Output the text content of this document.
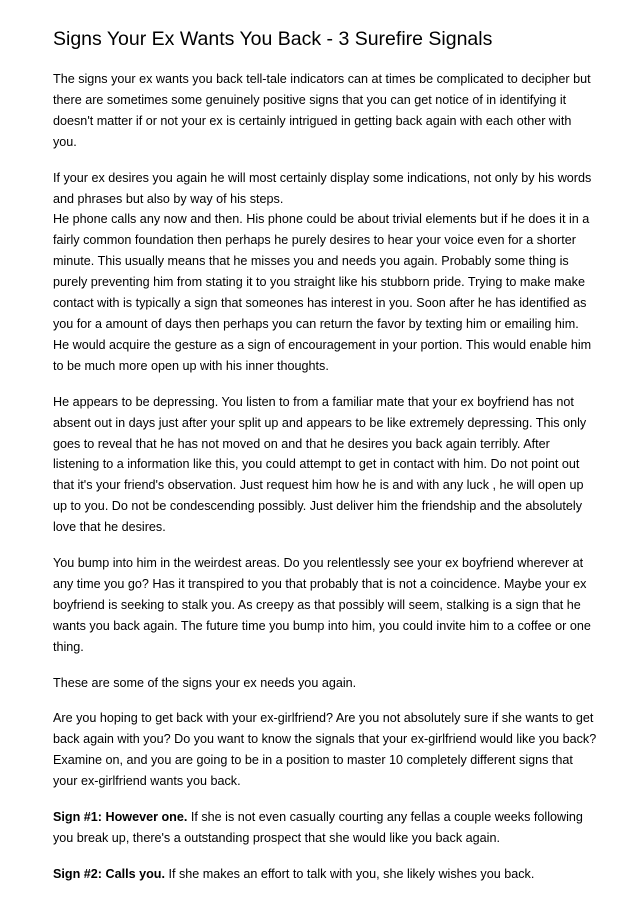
Signs Your Ex Wants You Back - 3 Surefire Signals

The signs your ex wants you back tell-tale indicators can at times be complicated to decipher but there are sometimes some genuinely positive signs that you can get notice of in identifying it doesn't matter if or not your ex is certainly intrigued in getting back again with each other with you.

If your ex desires you again he will most certainly display some indications, not only by his words and phrases but also by way of his steps.

He phone calls any now and then. His phone could be about trivial elements but if he does it in a fairly common foundation then perhaps he purely desires to hear your voice even for a shorter minute. This usually means that he misses you and needs you again. Probably some thing is purely preventing him from stating it to you straight like his stubborn pride. Trying to make make contact with is typically a sign that someones has interest in you. Soon after he has identified as you for a amount of days then perhaps you can return the favor by texting him or emailing him. He would acquire the gesture as a sign of encouragement in your portion. This would enable him to be much more open up with his inner thoughts.

He appears to be depressing. You listen to from a familiar mate that your ex boyfriend has not absent out in days just after your split up and appears to be like extremely depressing. This only goes to reveal that he has not moved on and that he desires you back again terribly. After listening to a information like this, you could attempt to get in contact with him. Do not point out that it's your friend's observation. Just request him how he is and with any luck , he will open up up to you. Do not be condescending possibly. Just deliver him the friendship and the absolutely love that he desires.

You bump into him in the weirdest areas. Do you relentlessly see your ex boyfriend wherever at any time you go? Has it transpired to you that probably that is not a coincidence. Maybe your ex boyfriend is seeking to stalk you. As creepy as that possibly will seem, stalking is a sign that he wants you back again. The future time you bump into him, you could invite him to a coffee or one thing.

These are some of the signs your ex needs you again.

Are you hoping to get back with your ex-girlfriend? Are you not absolutely sure if she wants to get back again with you? Do you want to know the signals that your ex-girlfriend would like you back? Examine on, and you are going to be in a position to master 10 completely different signs that your ex-girlfriend wants you back.

Sign #1: However one. If she is not even casually courting any fellas a couple weeks following you break up, there's a outstanding prospect that she would like you back again.

Sign #2: Calls you. If she makes an effort to talk with you, she likely wishes you back.
